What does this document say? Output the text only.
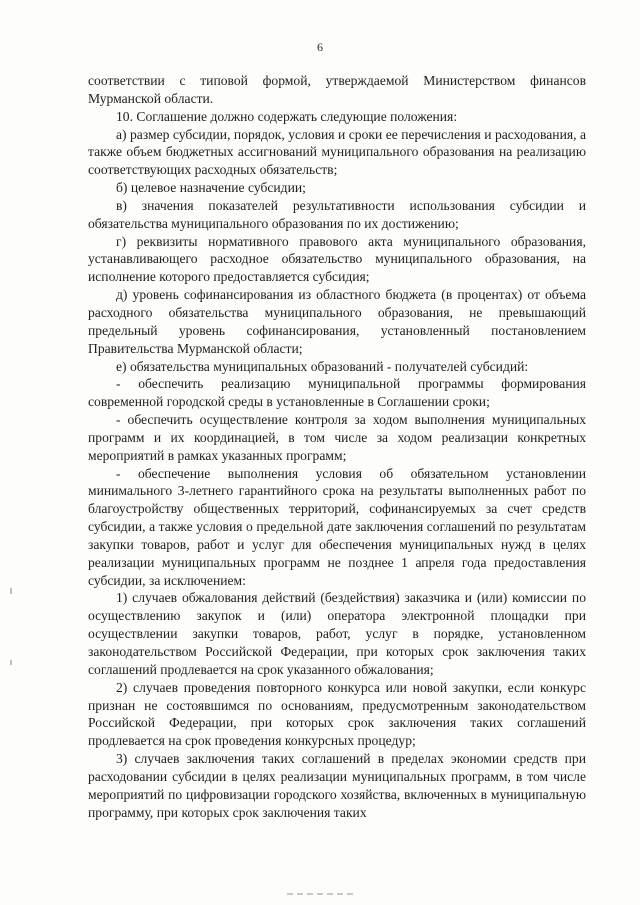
6

соответствии с типовой формой, утверждаемой Министерством финансов Мурманской области.

10. Соглашение должно содержать следующие положения:

а) размер субсидии, порядок, условия и сроки ее перечисления и расходования, а также объем бюджетных ассигнований муниципального образования на реализацию соответствующих расходных обязательств;

б) целевое назначение субсидии;

в) значения показателей результативности использования субсидии и обязательства муниципального образования по их достижению;

г) реквизиты нормативного правового акта муниципального образования, устанавливающего расходное обязательство муниципального образования, на исполнение которого предоставляется субсидия;

д) уровень софинансирования из областного бюджета (в процентах) от объема расходного обязательства муниципального образования, не превышающий предельный уровень софинансирования, установленный постановлением Правительства Мурманской области;

е) обязательства муниципальных образований - получателей субсидий:

- обеспечить реализацию муниципальной программы формирования современной городской среды в установленные в Соглашении сроки;

- обеспечить осуществление контроля за ходом выполнения муниципальных программ и их координацией, в том числе за ходом реализации конкретных мероприятий в рамках указанных программ;

- обеспечение выполнения условия об обязательном установлении минимального 3-летнего гарантийного срока на результаты выполненных работ по благоустройству общественных территорий, софинансируемых за счет средств субсидии, а также условия о предельной дате заключения соглашений по результатам закупки товаров, работ и услуг для обеспечения муниципальных нужд в целях реализации муниципальных программ не позднее 1 апреля года предоставления субсидии, за исключением:

1) случаев обжалования действий (бездействия) заказчика и (или) комиссии по осуществлению закупок и (или) оператора электронной площадки при осуществлении закупки товаров, работ, услуг в порядке, установленном законодательством Российской Федерации, при которых срок заключения таких соглашений продлевается на срок указанного обжалования;

2) случаев проведения повторного конкурса или новой закупки, если конкурс признан не состоявшимся по основаниям, предусмотренным законодательством Российской Федерации, при которых срок заключения таких соглашений продлевается на срок проведения конкурсных процедур;

3) случаев заключения таких соглашений в пределах экономии средств при расходовании субсидии в целях реализации муниципальных программ, в том числе мероприятий по цифровизации городского хозяйства, включенных в муниципальную программу, при которых срок заключения таких
